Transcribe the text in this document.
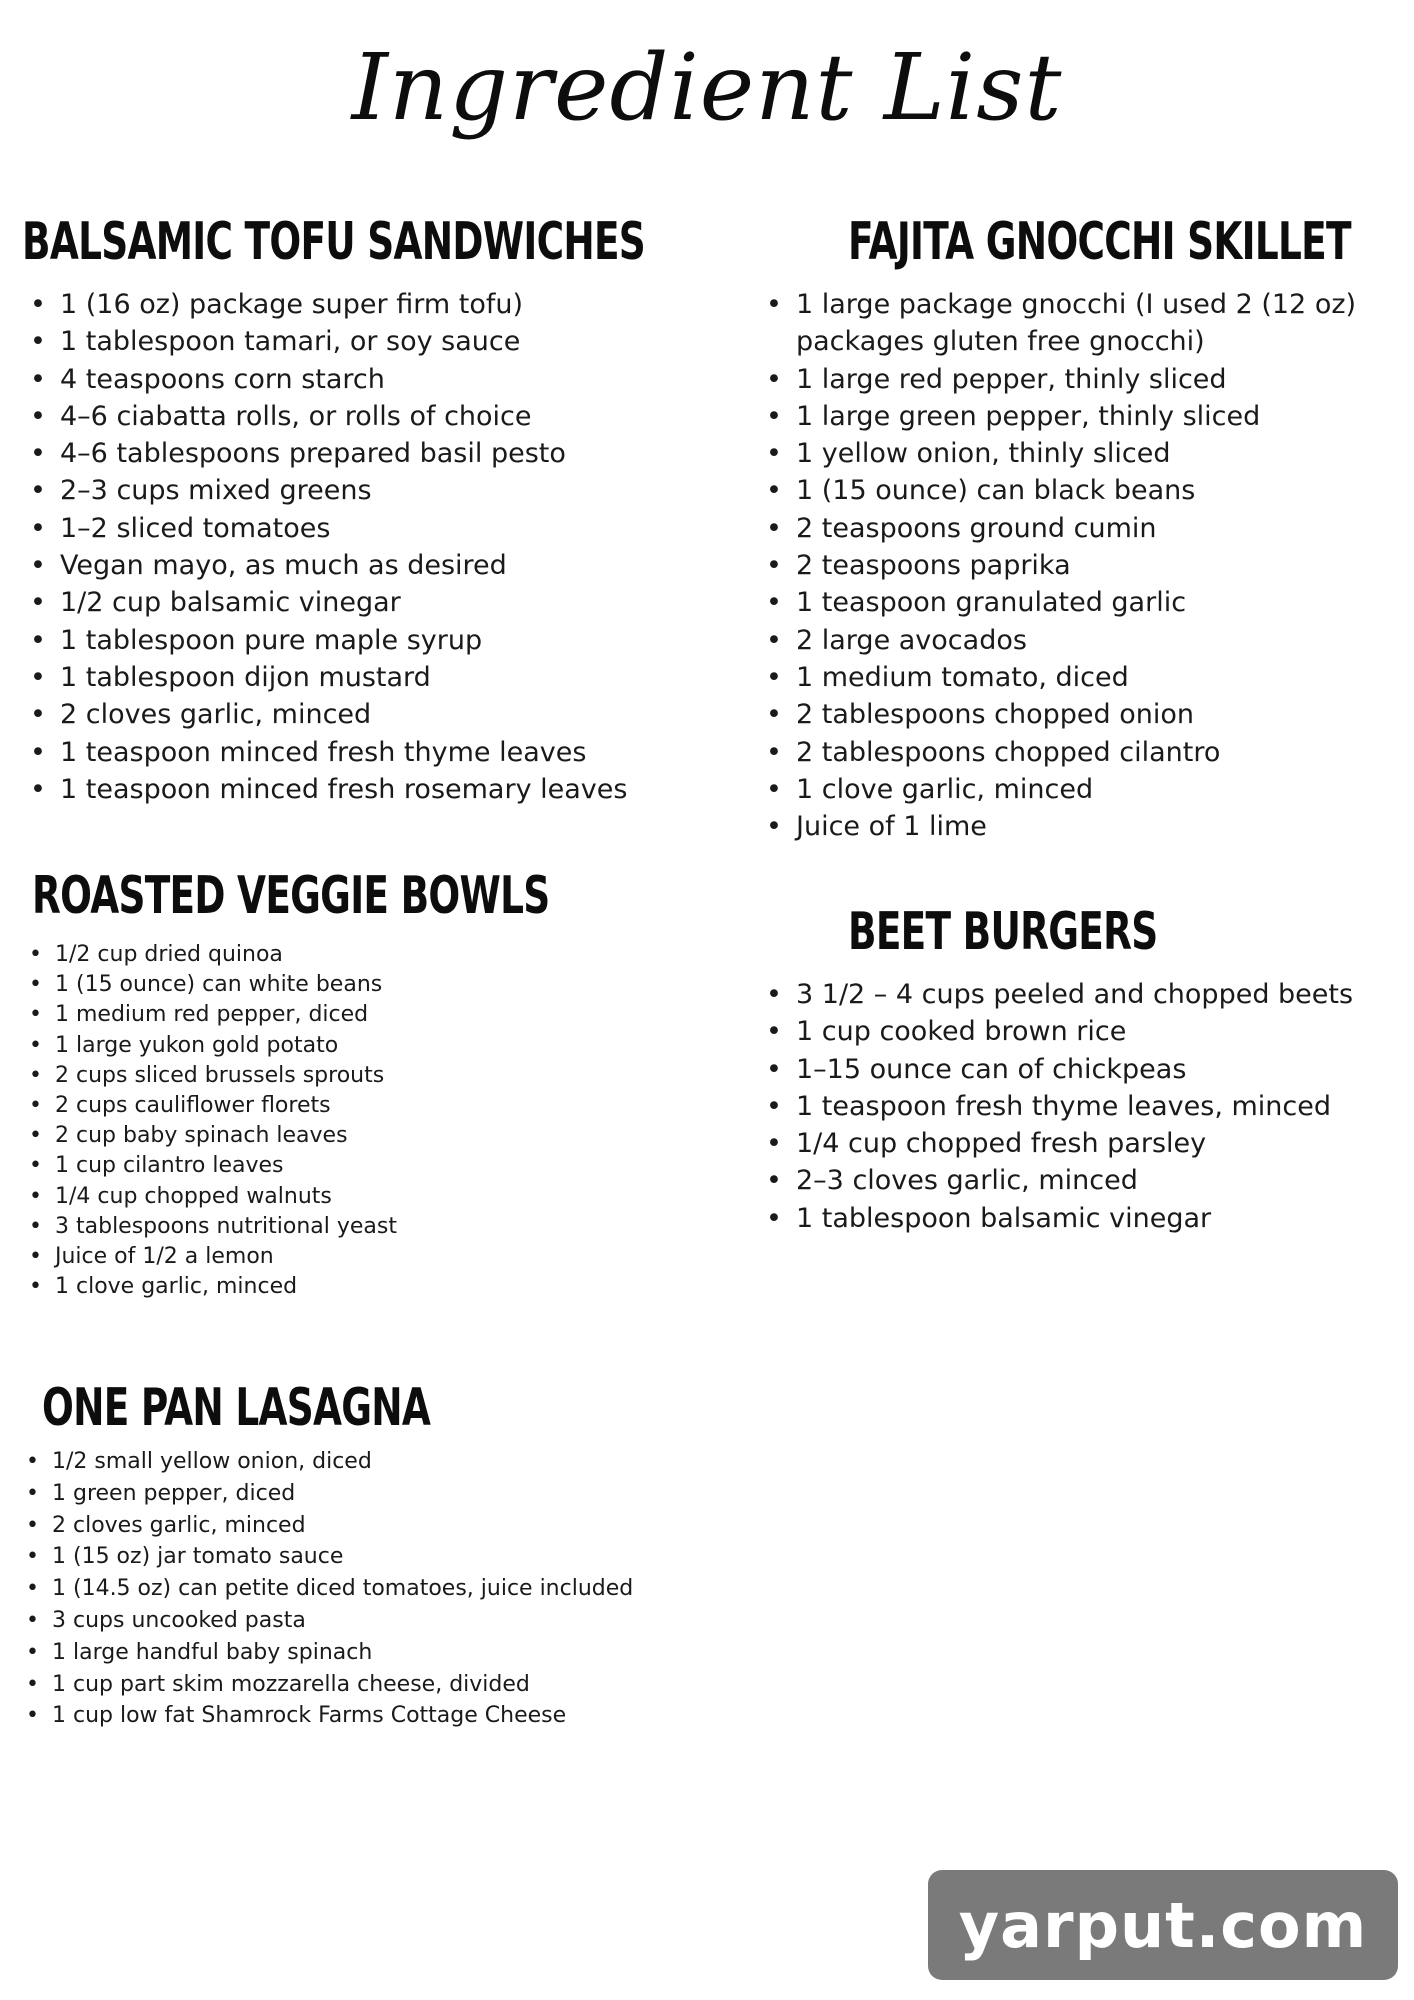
Ingredient List
BALSAMIC TOFU SANDWICHES
• 1 (16 oz) package super firm tofu)
• 1 tablespoon tamari, or soy sauce
• 4 teaspoons corn starch
• 4–6 ciabatta rolls, or rolls of choice
• 4–6 tablespoons prepared basil pesto
• 2–3 cups mixed greens
• 1–2 sliced tomatoes
• Vegan mayo, as much as desired
• 1/2 cup balsamic vinegar
• 1 tablespoon pure maple syrup
• 1 tablespoon dijon mustard
• 2 cloves garlic, minced
• 1 teaspoon minced fresh thyme leaves
• 1 teaspoon minced fresh rosemary leaves
FAJITA GNOCCHI SKILLET
• 1 large package gnocchi (I used 2 (12 oz)
packages gluten free gnocchi)
• 1 large red pepper, thinly sliced
• 1 large green pepper, thinly sliced
• 1 yellow onion, thinly sliced
• 1 (15 ounce) can black beans
• 2 teaspoons ground cumin
• 2 teaspoons paprika
• 1 teaspoon granulated garlic
• 2 large avocados
• 1 medium tomato, diced
• 2 tablespoons chopped onion
• 2 tablespoons chopped cilantro
• 1 clove garlic, minced
• Juice of 1 lime
ROASTED VEGGIE BOWLS
• 1/2 cup dried quinoa
• 1 (15 ounce) can white beans
• 1 medium red pepper, diced
• 1 large yukon gold potato
• 2 cups sliced brussels sprouts
• 2 cups cauliflower florets
• 2 cup baby spinach leaves
• 1 cup cilantro leaves
• 1/4 cup chopped walnuts
• 3 tablespoons nutritional yeast
• Juice of 1/2 a lemon
• 1 clove garlic, minced
BEET BURGERS
• 3 1/2 – 4 cups peeled and chopped beets
• 1 cup cooked brown rice
• 1–15 ounce can of chickpeas
• 1 teaspoon fresh thyme leaves, minced
• 1/4 cup chopped fresh parsley
• 2–3 cloves garlic, minced
• 1 tablespoon balsamic vinegar
ONE PAN LASAGNA
• 1/2 small yellow onion, diced
• 1 green pepper, diced
• 2 cloves garlic, minced
• 1 (15 oz) jar tomato sauce
• 1 (14.5 oz) can petite diced tomatoes, juice included
• 3 cups uncooked pasta
• 1 large handful baby spinach
• 1 cup part skim mozzarella cheese, divided
• 1 cup low fat Shamrock Farms Cottage Cheese
yarput.com
